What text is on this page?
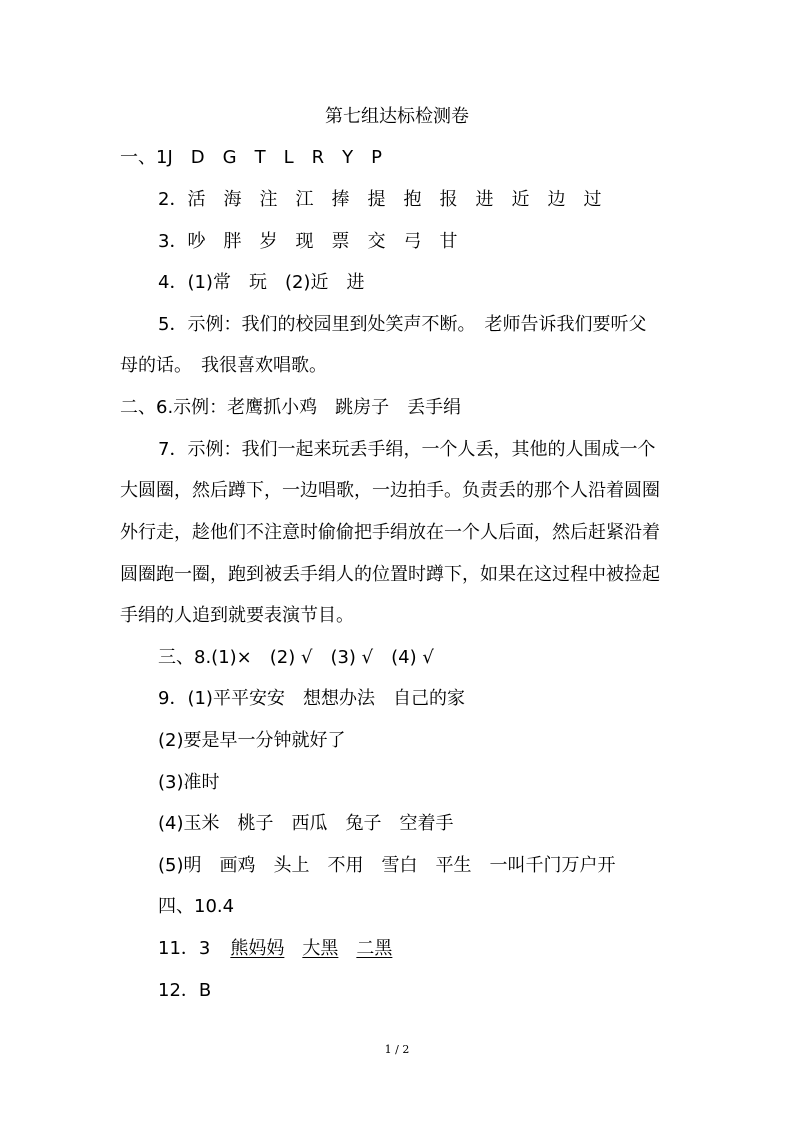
第七组达标检测卷
一、1J　D　G　T　L　R　Y　P
2．活　海　注　江　捧　提　抱　报　进　近　边　过
3．吵　胖　岁　现　票　交　弓　甘
4．(1)常　玩　(2)近　进
5．示例：我们的校园里到处笑声不断。　老师告诉我们要听父
母的话。　我很喜欢唱歌。
二、6.示例：老鹰抓小鸡　跳房子　丢手绢
7．示例：我们一起来玩丢手绢，一个人丢，其他的人围成一个
大圆圈，然后蹲下，一边唱歌，一边拍手。负责丢的那个人沿着圆圈
外行走，趁他们不注意时偷偷把手绢放在一个人后面，然后赶紧沿着
圆圈跑一圈，跑到被丢手绢人的位置时蹲下，如果在这过程中被捡起
手绢的人追到就要表演节目。
三、8.(1)×　(2) √　(3) √　(4) √
9．(1)平平安安　想想办法　自己的家
(2)要是早一分钟就好了
(3)准时
(4)玉米　桃子　西瓜　兔子　空着手
(5)明　画鸡　头上　不用　雪白　平生　一叫千门万户开
四、10.4
11．3 熊妈妈 大黑 二黑
12．B
1 / 2
